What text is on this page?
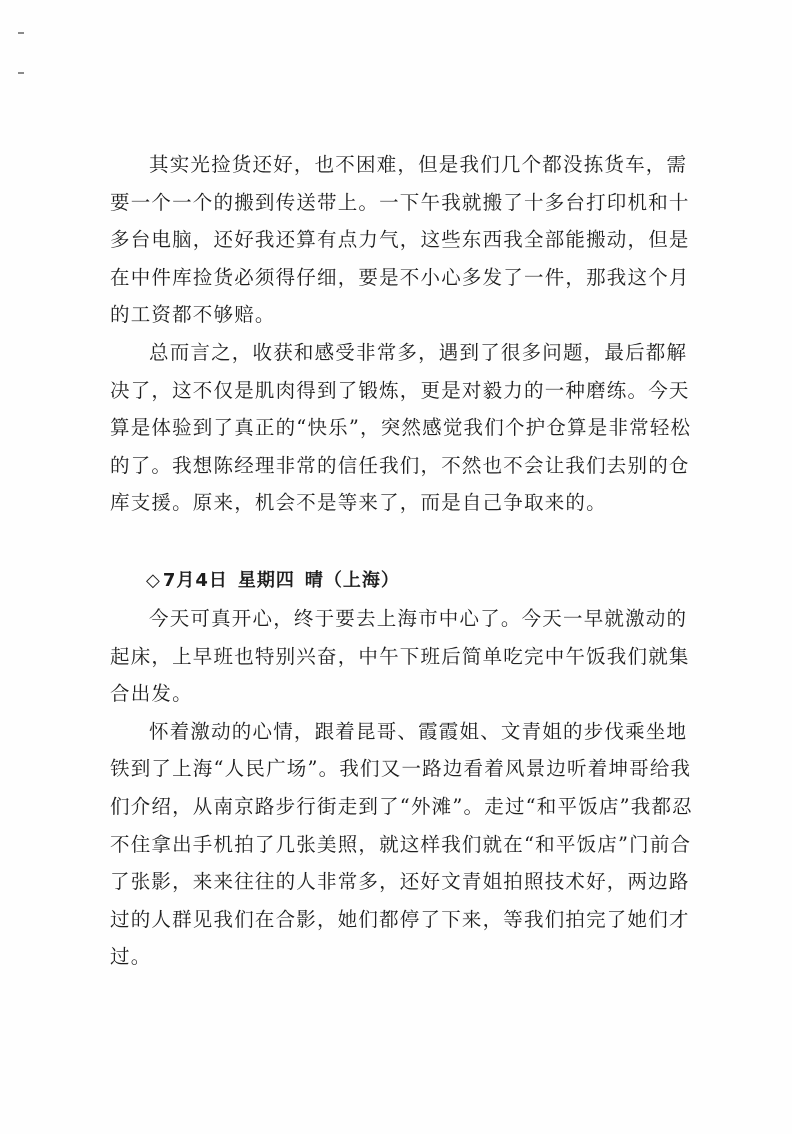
其实光捡货还好，也不困难，但是我们几个都没拣货车，需
要一个一个的搬到传送带上。一下午我就搬了十多台打印机和十
多台电脑，还好我还算有点力气，这些东西我全部能搬动，但是
在中件库捡货必须得仔细，要是不小心多发了一件，那我这个月
的工资都不够赔。

总而言之，收获和感受非常多，遇到了很多问题，最后都解
决了，这不仅是肌肉得到了锻炼，更是对毅力的一种磨练。今天
算是体验到了真正的“快乐”，突然感觉我们个护仓算是非常轻松
的了。我想陈经理非常的信任我们，不然也不会让我们去别的仓
库支援。原来，机会不是等来了，而是自己争取来的。

◇ 7月4日 星期四 晴（上海）

今天可真开心，终于要去上海市中心了。今天一早就激动的
起床，上早班也特别兴奋，中午下班后简单吃完中午饭我们就集
合出发。

怀着激动的心情，跟着昆哥、霞霞姐、文青姐的步伐乘坐地
铁到了上海“人民广场”。我们又一路边看着风景边听着坤哥给我
们介绍，从南京路步行街走到了“外滩”。走过“和平饭店”我都忍
不住拿出手机拍了几张美照，就这样我们就在“和平饭店”门前合
了张影，来来往往的人非常多，还好文青姐拍照技术好，两边路
过的人群见我们在合影，她们都停了下来，等我们拍完了她们才
过。
